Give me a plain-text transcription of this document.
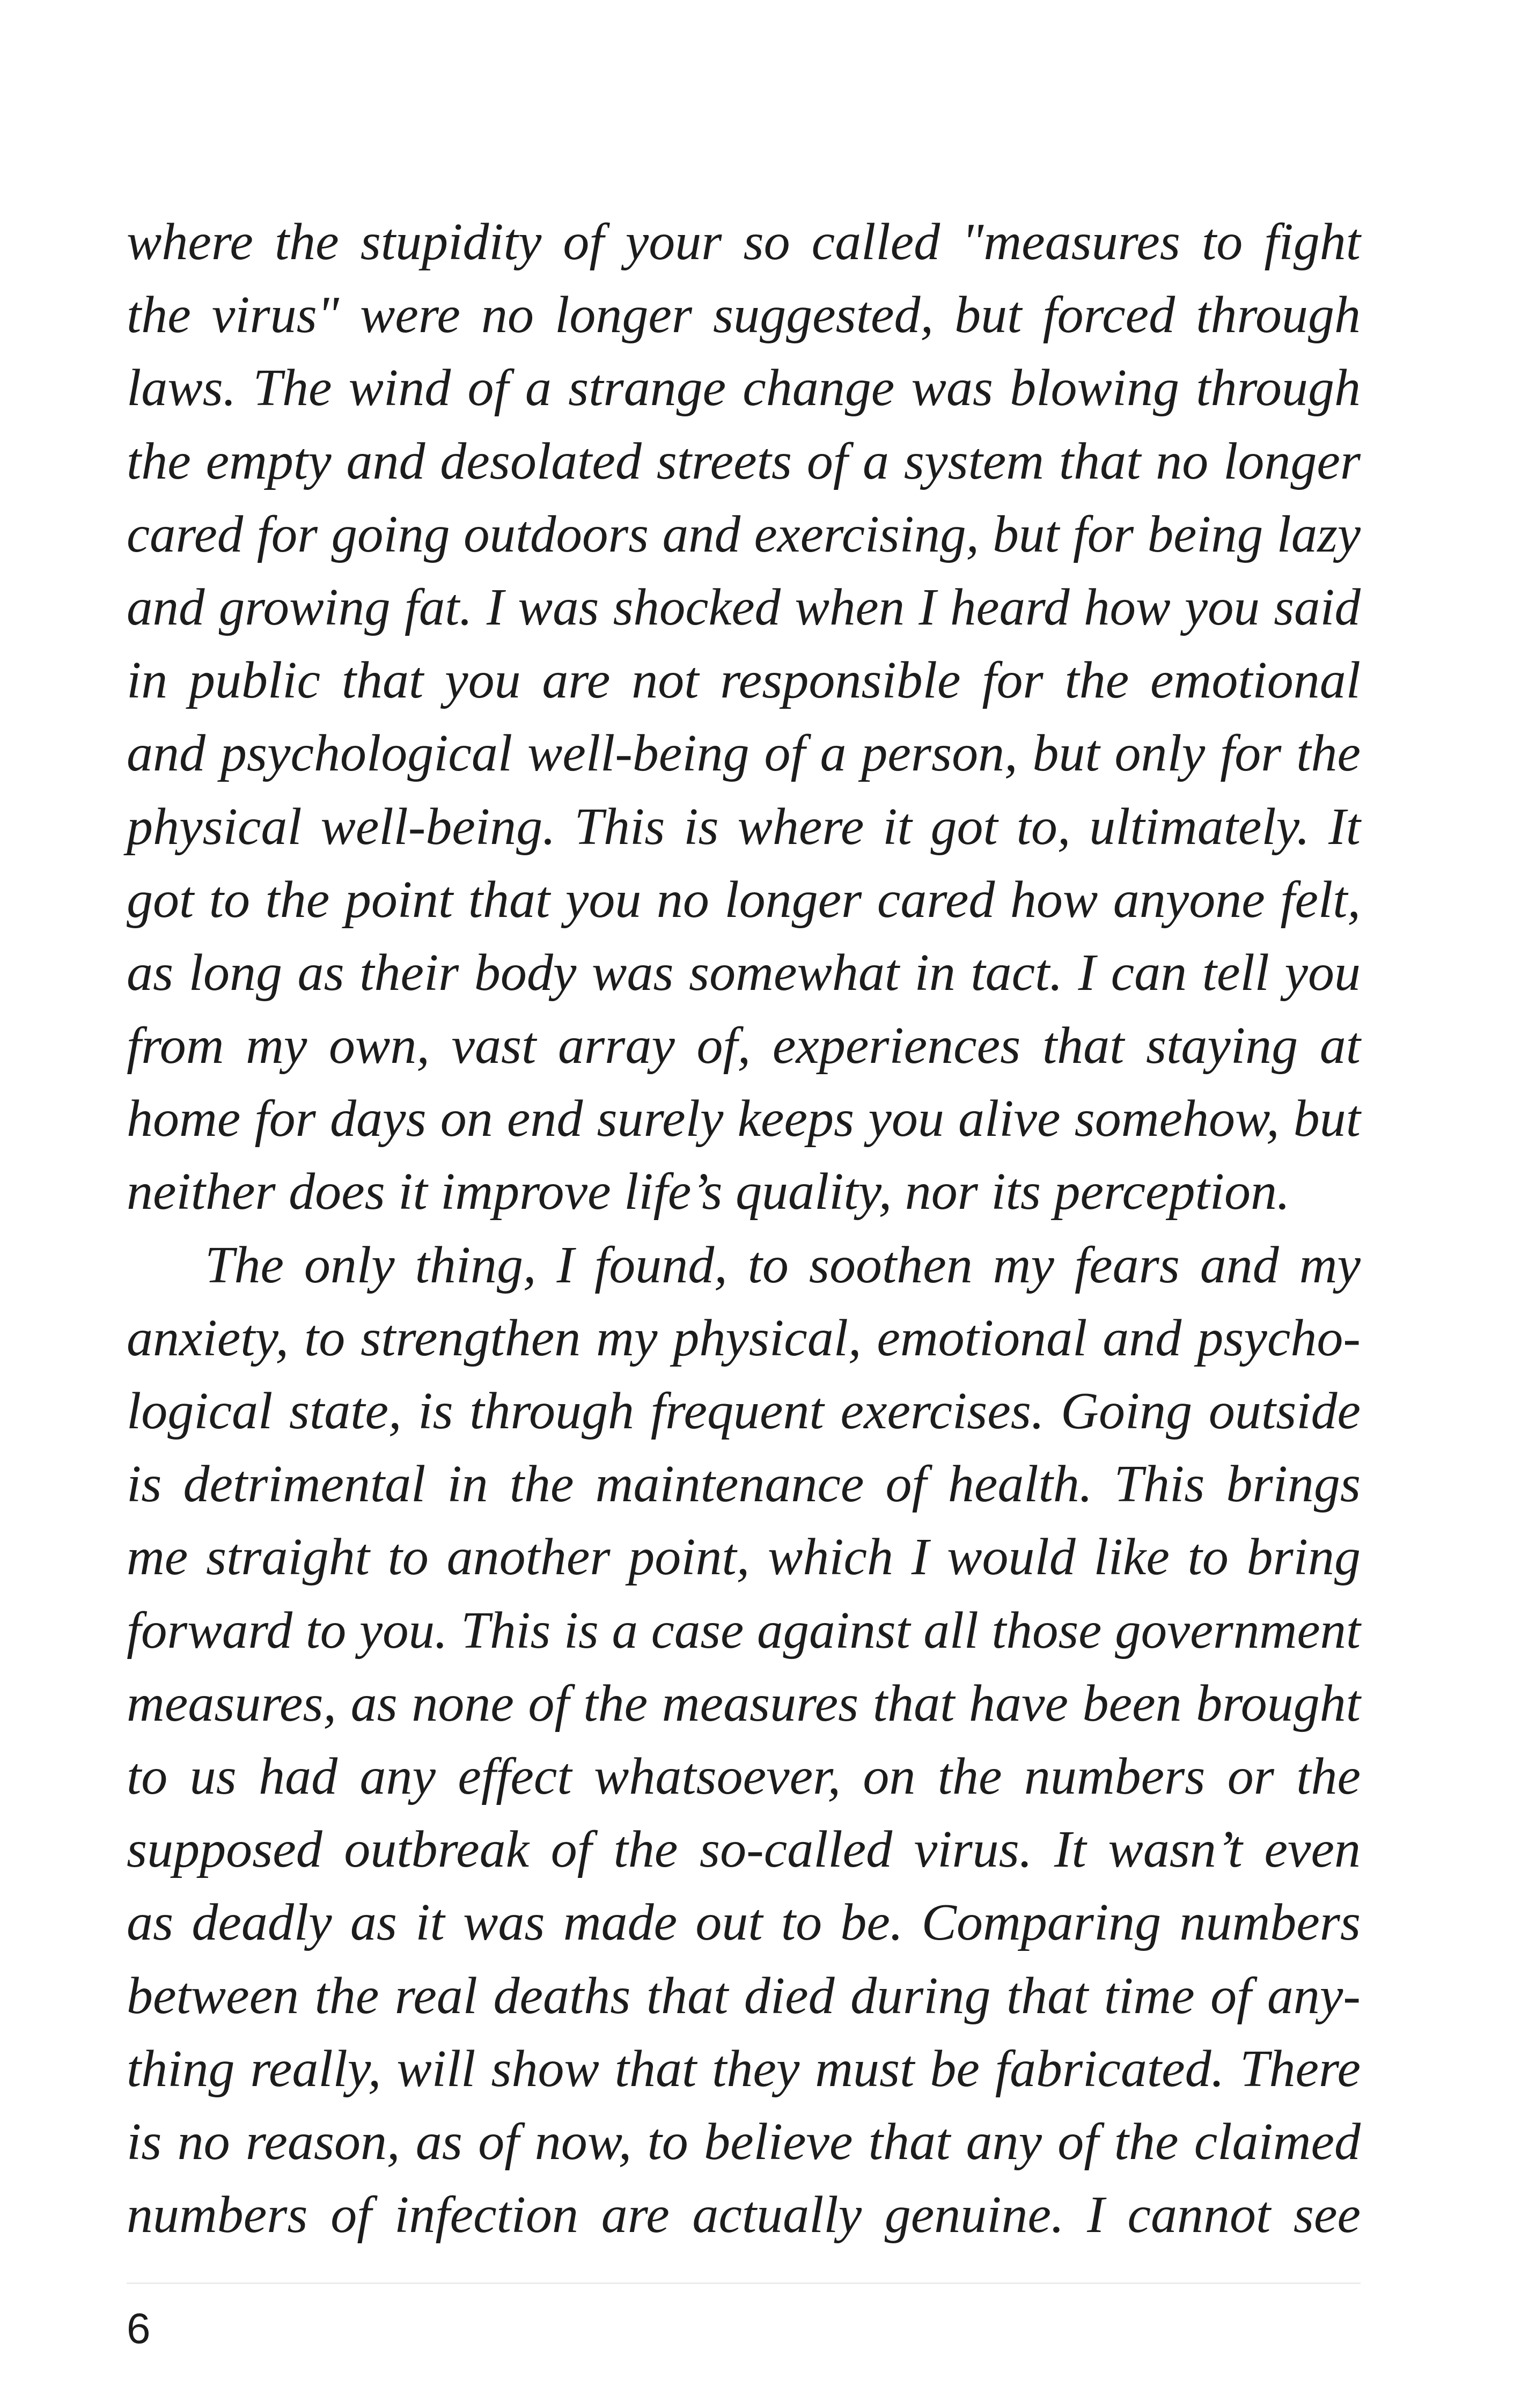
where the stupidity of your so called "measures to fight
the virus" were no longer suggested, but forced through
laws. The wind of a strange change was blowing through
the empty and desolated streets of a system that no longer
cared for going outdoors and exercising, but for being lazy
and growing fat. I was shocked when I heard how you said
in public that you are not responsible for the emotional
and psychological well-being of a person, but only for the
physical well-being. This is where it got to, ultimately. It
got to the point that you no longer cared how anyone felt,
as long as their body was somewhat in tact. I can tell you
from my own, vast array of, experiences that staying at
home for days on end surely keeps you alive somehow, but
neither does it improve life’s quality, nor its perception.
The only thing, I found, to soothen my fears and my
anxiety, to strengthen my physical, emotional and psycho-
logical state, is through frequent exercises. Going outside
is detrimental in the maintenance of health. This brings
me straight to another point, which I would like to bring
forward to you. This is a case against all those government
measures, as none of the measures that have been brought
to us had any effect whatsoever, on the numbers or the
supposed outbreak of the so-called virus. It wasn’t even
as deadly as it was made out to be. Comparing numbers
between the real deaths that died during that time of any-
thing really, will show that they must be fabricated. There
is no reason, as of now, to believe that any of the claimed
numbers of infection are actually genuine. I cannot see
6
